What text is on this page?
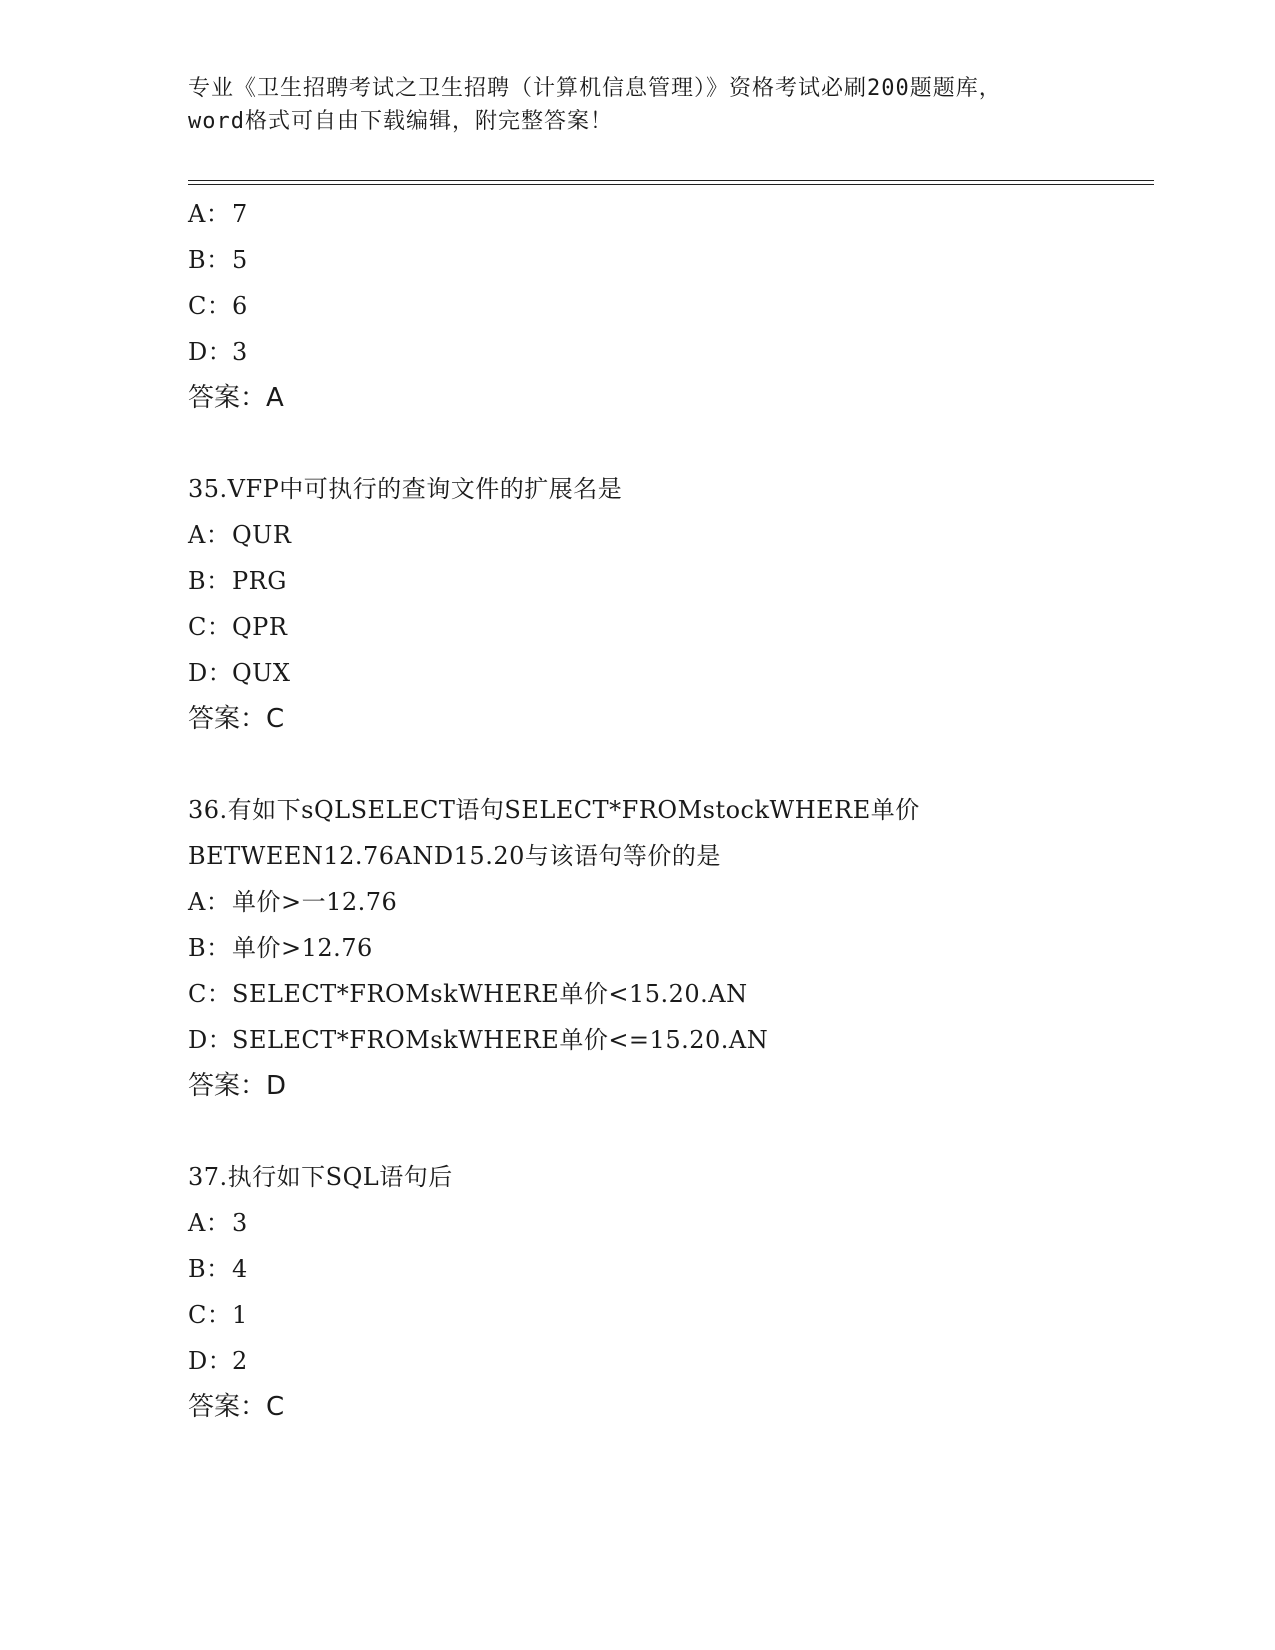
专业《卫生招聘考试之卫生招聘（计算机信息管理）》资格考试必刷200题题库，
word格式可自由下载编辑，附完整答案！
A：7
B：5
C：6
D：3
答案：A
35.VFP中可执行的查询文件的扩展名是
A：QUR
B：PRG
C：QPR
D：QUX
答案：C
36.有如下sQLSELECT语句SELECT*FROMstockWHERE单价
BETWEEN12.76AND15.20与该语句等价的是
A：单价>一12.76
B：单价>12.76
C：SELECT*FROMskWHERE单价<15.20.AN
D：SELECT*FROMskWHERE单价<=15.20.AN
答案：D
37.执行如下SQL语句后
A：3
B：4
C：1
D：2
答案：C
